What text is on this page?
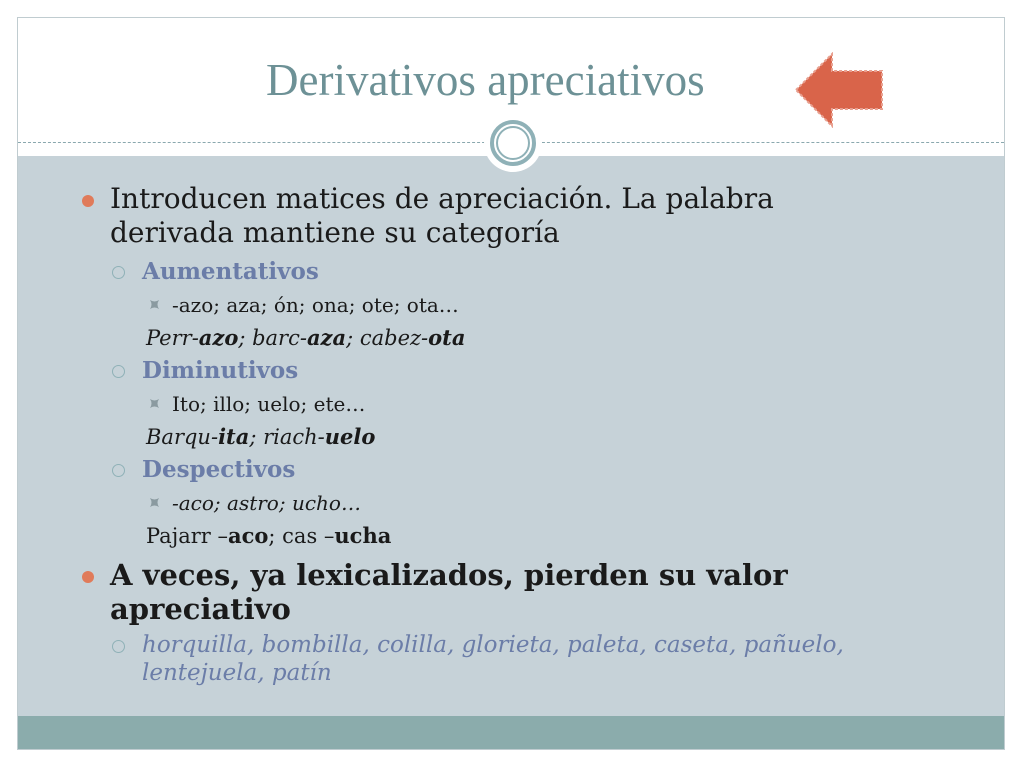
Derivativos apreciativos
Introducen matices de apreciación. La palabra
derivada mantiene su categoría
Aumentativos
-azo; aza; ón; ona; ote; ota…
Perr-azo; barc-aza; cabez-ota
Diminutivos
Ito; illo; uelo; ete…
Barqu-ita; riach-uelo
Despectivos
-aco; astro; ucho…
Pajarr –aco; cas –ucha
A veces, ya lexicalizados, pierden su valor
apreciativo
horquilla, bombilla, colilla, glorieta, paleta, caseta, pañuelo,
lentejuela, patín
